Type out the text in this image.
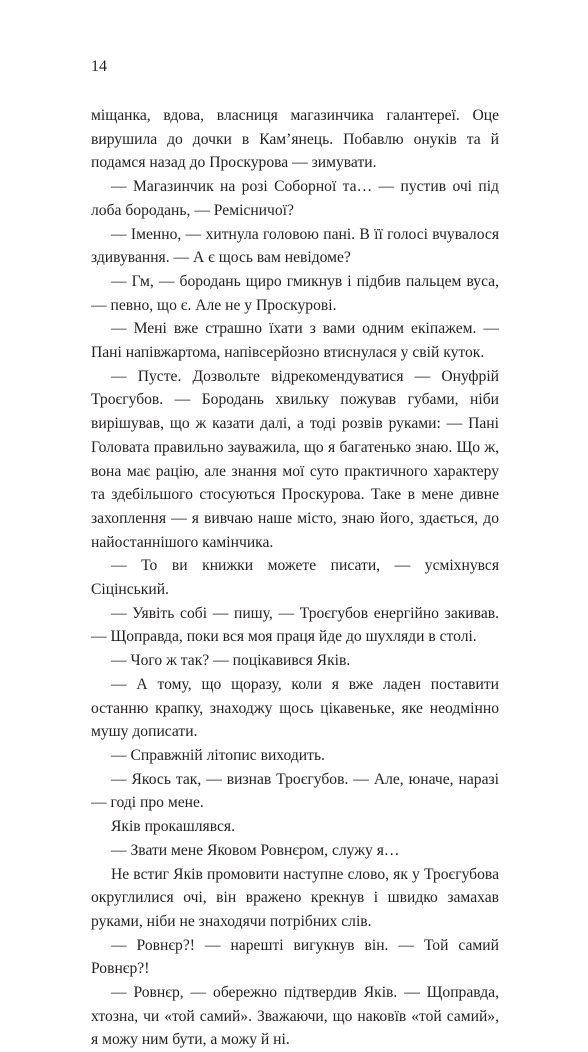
14

міщанка, вдова, власниця магазинчика галантереї. Оце вирушила до дочки в Кам’янець. Побавлю онуків та й подамся назад до Проскурова — зимувати.

— Магазинчик на розі Соборної та… — пустив очі під лоба бородань, — Ремісничої?

— Іменно, — хитнула головою пані. В її голосі вчувалося здивування. — А є щось вам невідоме?

— Гм, — бородань щиро гмикнув і підбив пальцем вуса, — певно, що є. Але не у Проскурові.

— Мені вже страшно їхати з вами одним екіпажем. — Пані напівжартома, напівсерйозно втиснулася у свій куток.

— Пусте. Дозвольте відрекомендуватися — Онуфрій Троєгубов. — Бородань хвильку пожував губами, ніби вирішував, що ж казати далі, а тоді розвів руками: — Пані Головата правильно зауважила, що я багатенько знаю. Що ж, вона має рацію, але знання мої суто практичного характеру та здебільшого стосуються Проскурова. Таке в мене дивне захоплення — я вивчаю наше місто, знаю його, здається, до найостаннішого камінчика.

— То ви книжки можете писати, — усміхнувся Сіцінський.

— Уявіть собі — пишу, — Троєгубов енергійно закивав. — Щоправда, поки вся моя праця йде до шухляди в столі.

— Чого ж так? — поцікавився Яків.

— А тому, що щоразу, коли я вже ладен поставити останню крапку, знаходжу щось цікавеньке, яке неодмінно мушу дописати.

— Справжній літопис виходить.

— Якось так, — визнав Троєгубов. — Але, юначе, наразі — годі про мене.

Яків прокашлявся.

— Звати мене Яковом Ровнєром, служу я…

Не встиг Яків промовити наступне слово, як у Троєгубова округлилися очі, він вражено крекнув і швидко замахав руками, ніби не знаходячи потрібних слів.

— Ровнєр?! — нарешті вигукнув він. — Той самий Ровнєр?!

— Ровнєр, — обережно підтвердив Яків. — Щоправда, хтозна, чи «той самий». Зважаючи, що наковїв «той самий», я можу ним бути, а можу й ні.
